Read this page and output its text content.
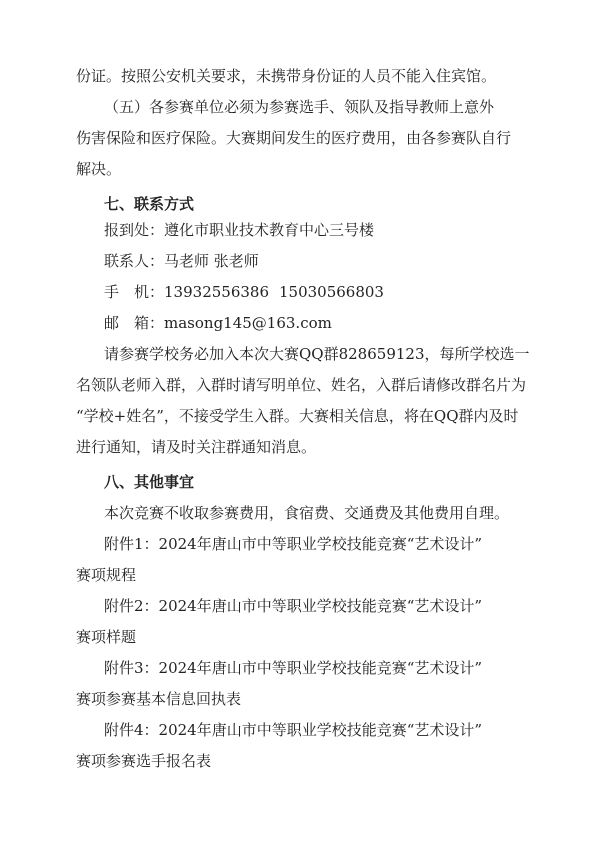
份证。按照公安机关要求，未携带身份证的人员不能入住宾馆。
（五）各参赛单位必须为参赛选手、领队及指导教师上意外
伤害保险和医疗保险。大赛期间发生的医疗费用，由各参赛队自行
解决。
七、联系方式
报到处：遵化市职业技术教育中心三号楼
联系人：马老师 张老师
手　机：13932556386 15030566803
邮　箱：masong145@163.com
请参赛学校务必加入本次大赛QQ群828659123，每所学校选一
名领队老师入群，入群时请写明单位、姓名，入群后请修改群名片为
“学校+姓名”，不接受学生入群。大赛相关信息，将在QQ群内及时
进行通知，请及时关注群通知消息。
八、其他事宜
本次竞赛不收取参赛费用，食宿费、交通费及其他费用自理。
附件1：2024年唐山市中等职业学校技能竞赛“艺术设计”
赛项规程
附件2：2024年唐山市中等职业学校技能竞赛“艺术设计”
赛项样题
附件3：2024年唐山市中等职业学校技能竞赛“艺术设计”
赛项参赛基本信息回执表
附件4：2024年唐山市中等职业学校技能竞赛“艺术设计”
赛项参赛选手报名表
